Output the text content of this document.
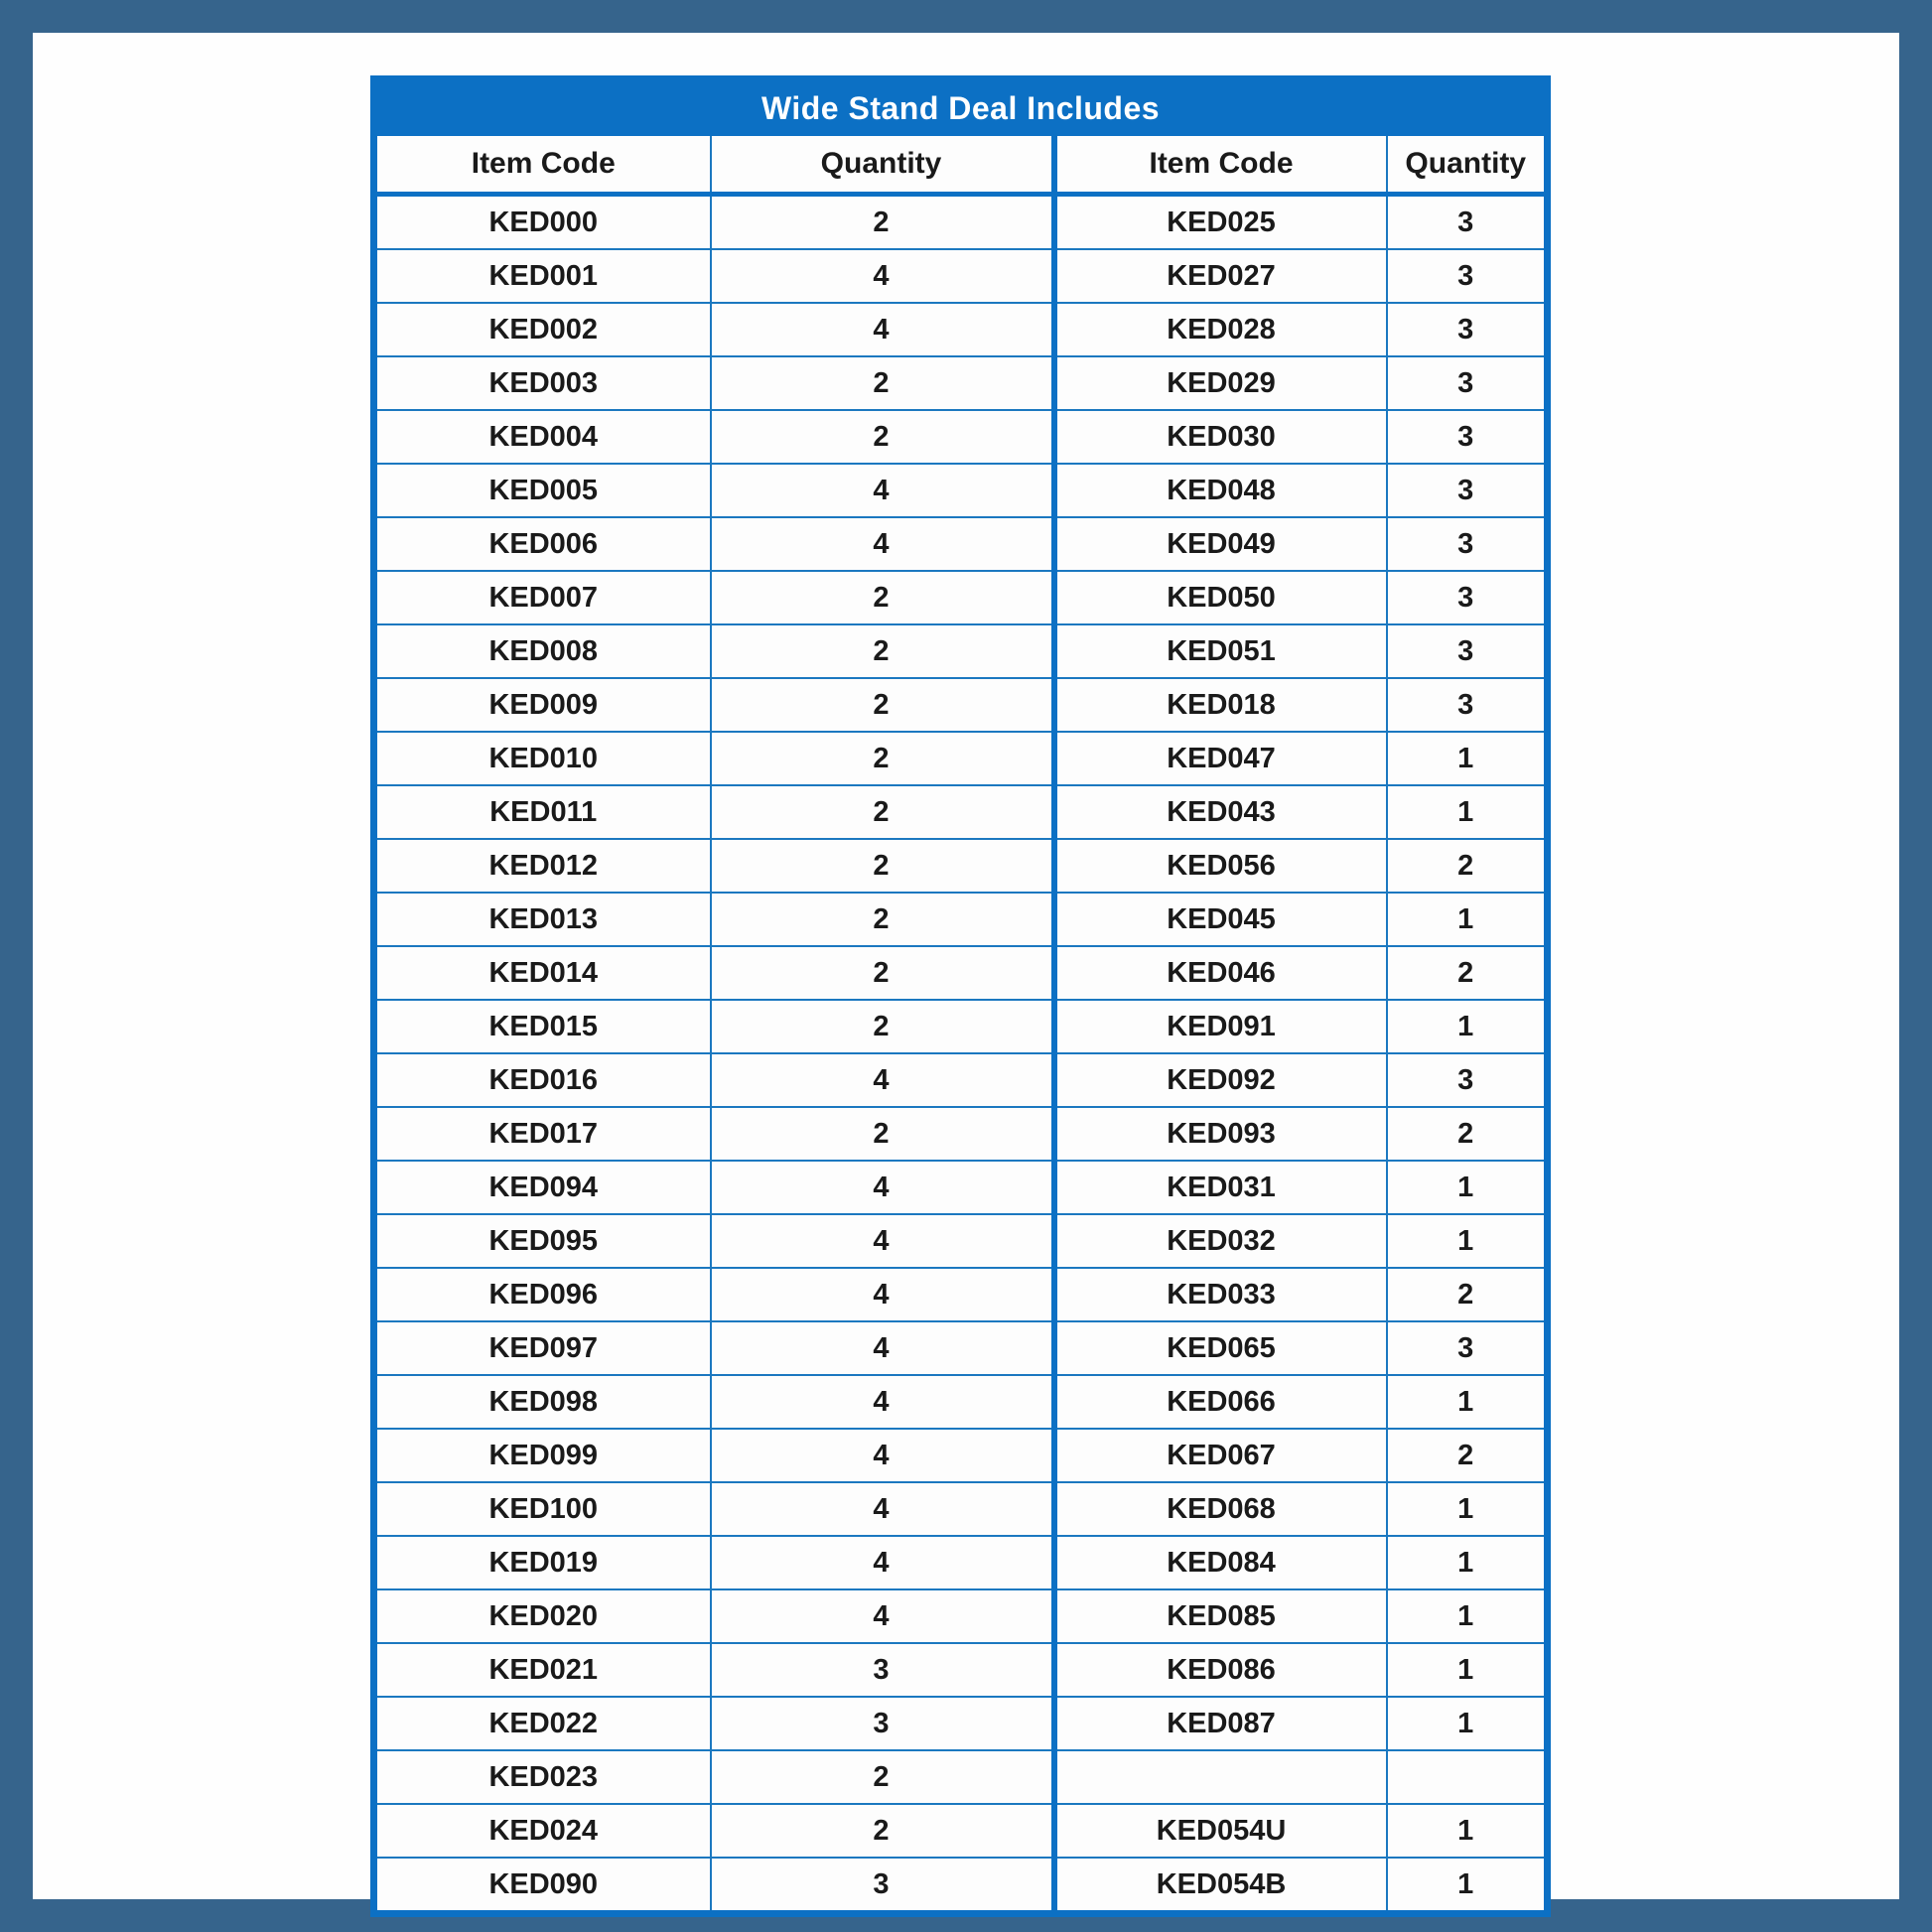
Wide Stand Deal Includes			
Item Code	Quantity	Item Code	Quantity
KED000	2	KED025	3
KED001	4	KED027	3
KED002	4	KED028	3
KED003	2	KED029	3
KED004	2	KED030	3
KED005	4	KED048	3
KED006	4	KED049	3
KED007	2	KED050	3
KED008	2	KED051	3
KED009	2	KED018	3
KED010	2	KED047	1
KED011	2	KED043	1
KED012	2	KED056	2
KED013	2	KED045	1
KED014	2	KED046	2
KED015	2	KED091	1
KED016	4	KED092	3
KED017	2	KED093	2
KED094	4	KED031	1
KED095	4	KED032	1
KED096	4	KED033	2
KED097	4	KED065	3
KED098	4	KED066	1
KED099	4	KED067	2
KED100	4	KED068	1
KED019	4	KED084	1
KED020	4	KED085	1
KED021	3	KED086	1
KED022	3	KED087	1
KED023	2		
KED024	2	KED054U	1
KED090	3	KED054B	1
